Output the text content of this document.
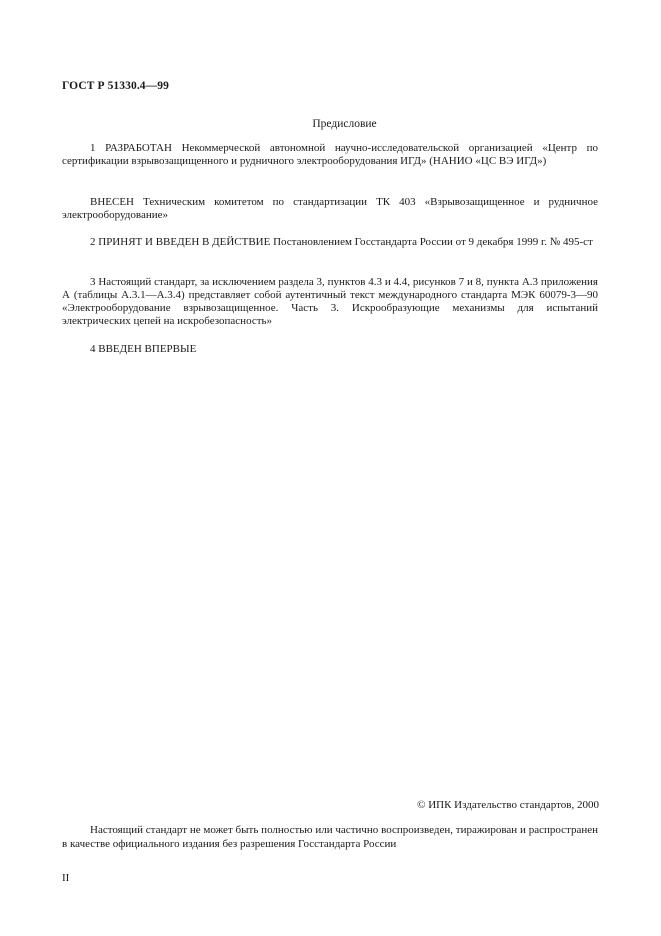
ГОСТ Р 51330.4—99
Предисловие
1 РАЗРАБОТАН Некоммерческой автономной научно-исследовательской организацией «Центр по сертификации взрывозащищенного и рудничного электрооборудования ИГД» (НАНИО «ЦС ВЭ ИГД»)
ВНЕСЕН Техническим комитетом по стандартизации ТК 403 «Взрывозащищенное и рудничное электрооборудование»
2 ПРИНЯТ И ВВЕДЕН В ДЕЙСТВИЕ Постановлением Госстандарта России от 9 декабря 1999 г. № 495-ст
3 Настоящий стандарт, за исключением раздела 3, пунктов 4.3 и 4.4, рисунков 7 и 8, пункта А.3 приложения А (таблицы А.3.1—А.3.4) представляет собой аутентичный текст международного стандарта МЭК 60079-3—90 «Электрооборудование взрывозащищенное. Часть 3. Искрообразующие механизмы для испытаний электрических цепей на искробезопасность»
4 ВВЕДЕН ВПЕРВЫЕ
© ИПК Издательство стандартов, 2000
Настоящий стандарт не может быть полностью или частично воспроизведен, тиражирован и распространен в качестве официального издания без разрешения Госстандарта России
II
